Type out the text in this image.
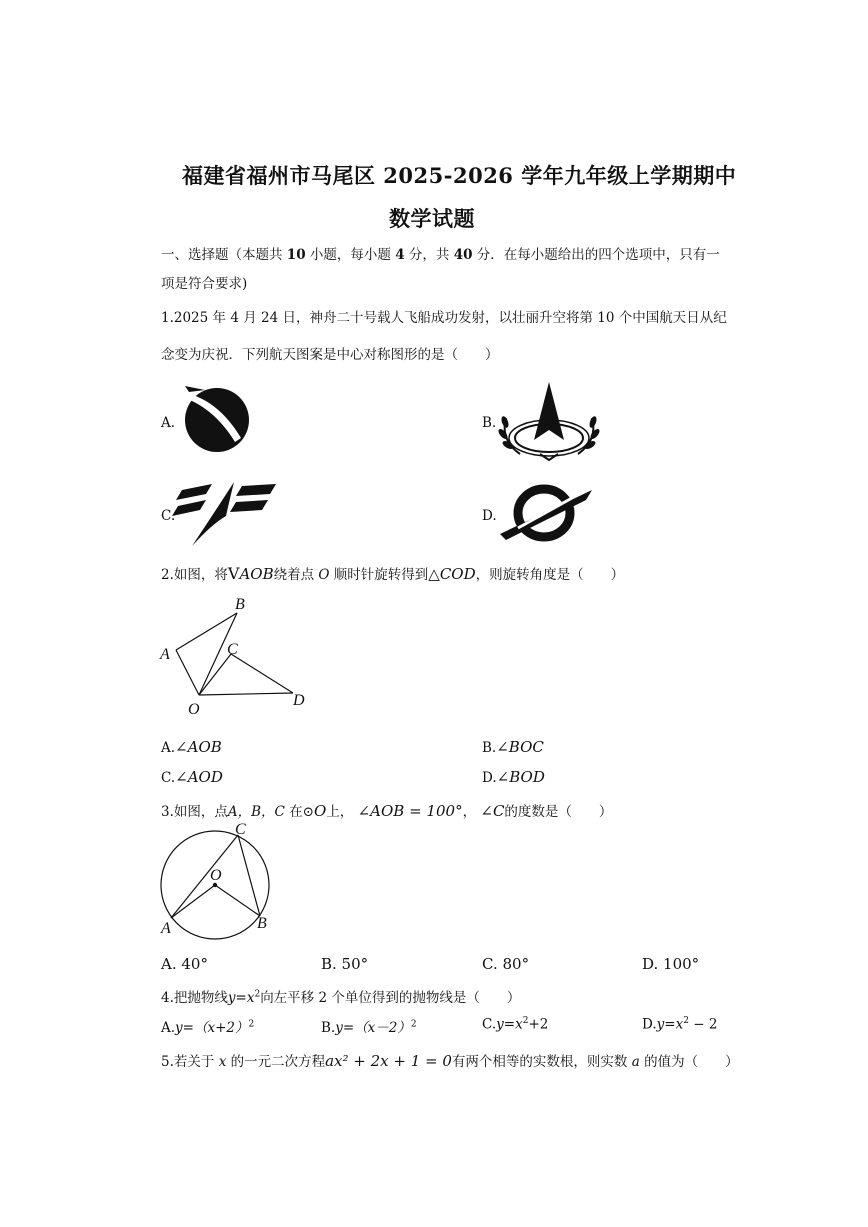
福建省福州市马尾区 2025-2026 学年九年级上学期期中
数学试题
一、选择题（本题共 10 小题，每小题 4 分，共 40 分．在每小题给出的四个选项中，只有一
项是符合要求)
1.2025 年 4 月 24 日，神舟二十号载人飞船成功发射，以壮丽升空将第 10 个中国航天日从纪
念变为庆祝．下列航天图案是中心对称图形的是（　　）
A.	B.
C.	D.
2.如图，将VAOB绕着点 O 顺时针旋转得到△COD，则旋转角度是（　　）
B
A	C
D
O
A.∠AOB	B.∠BOC
C.∠AOD	D.∠BOD
3.如图，点A，B，C 在⊙O上， ∠AOB = 100°， ∠C的度数是（　　）
C
O
A	B
A. 40°	B. 50°	C. 80°	D. 100°
4.把抛物线$y=x^2$向左平移 2 个单位得到的抛物线是（　　）
$A.y=(x+2)^2$	$B.y=(x-2)^2$	$C.y=x^2+2$	$D.y=x^2 - 2$
5.若关于 x 的一元二次方程ax² + 2x + 1 = 0有两个相等的实数根，则实数 a 的值为（　　）
